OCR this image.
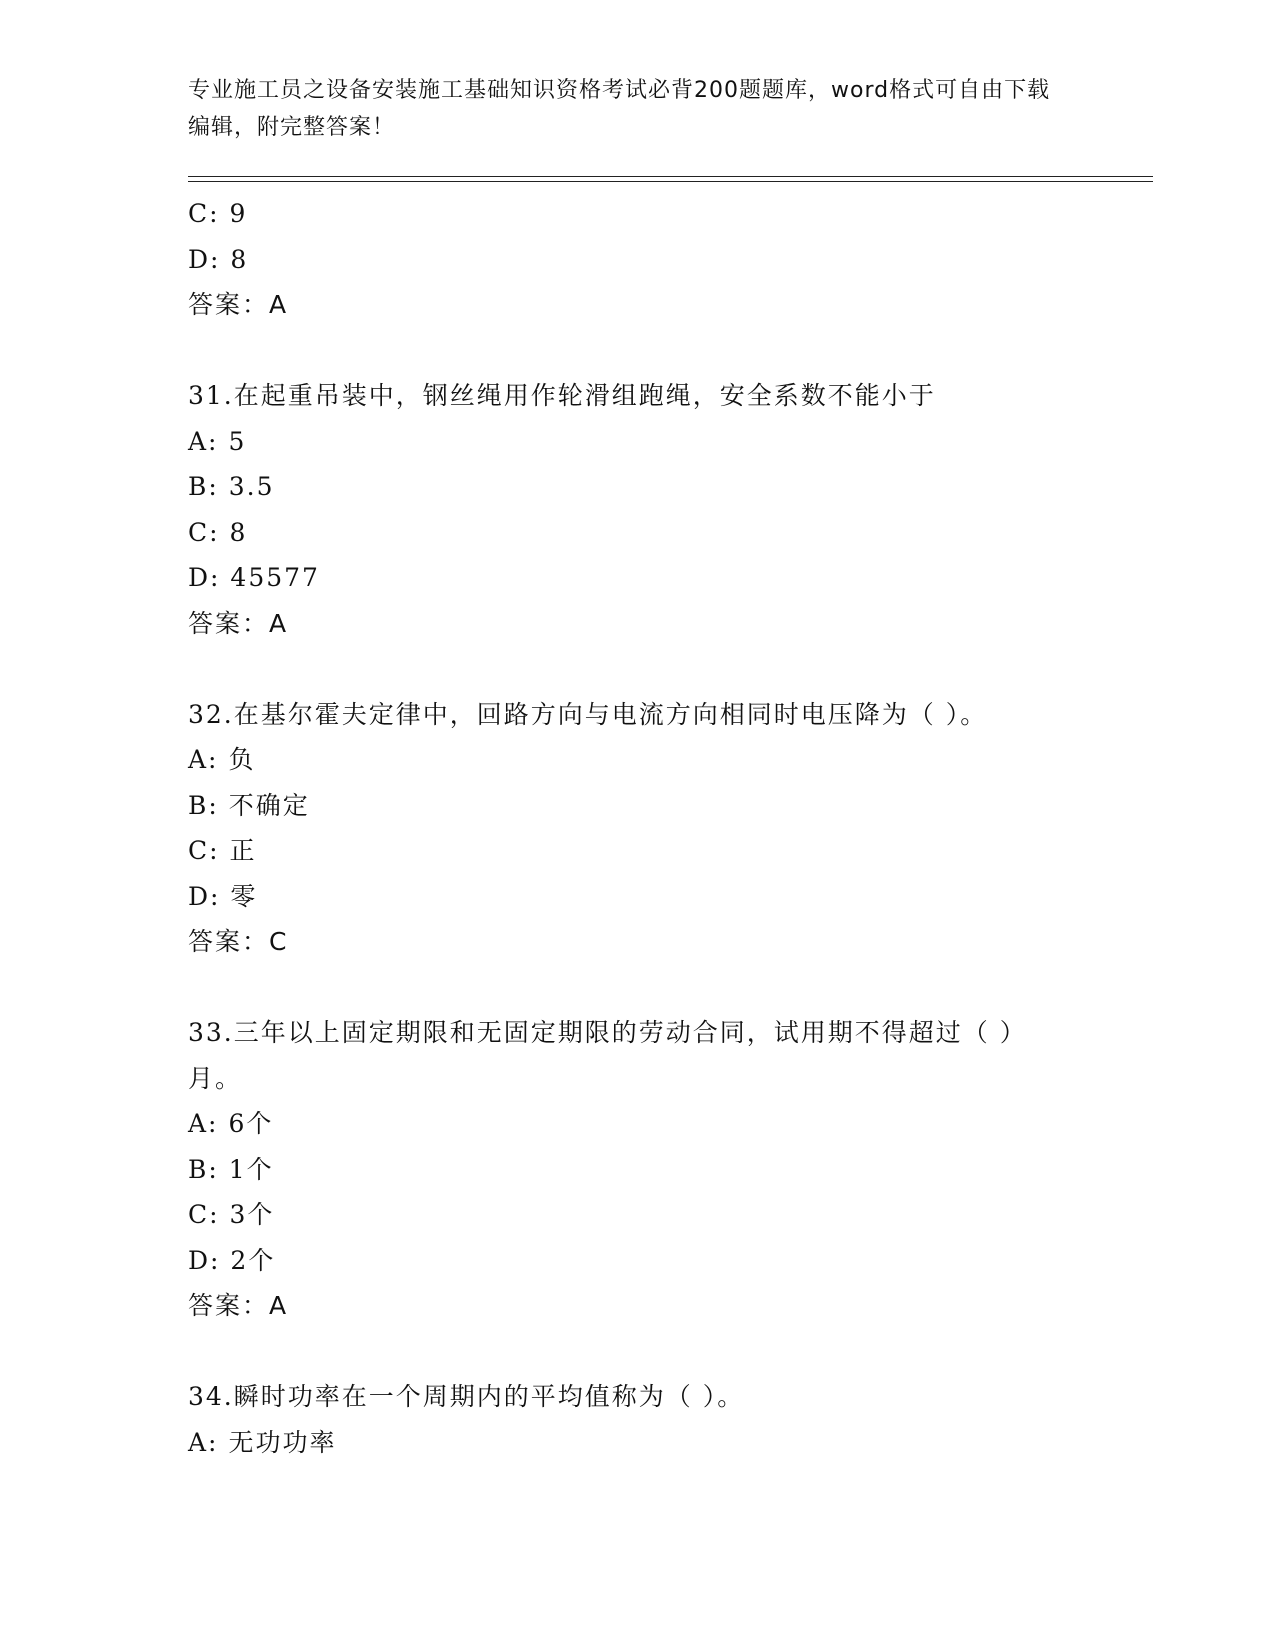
专业施工员之设备安装施工基础知识资格考试必背200题题库，word格式可自由下载编辑，附完整答案！
C: 9
D: 8
答案：A
31.在起重吊装中，钢丝绳用作轮滑组跑绳，安全系数不能小于
A: 5
B: 3.5
C: 8
D: 45577
答案：A
32.在基尔霍夫定律中，回路方向与电流方向相同时电压降为（ ）。
A: 负
B: 不确定
C: 正
D: 零
答案：C
33.三年以上固定期限和无固定期限的劳动合同，试用期不得超过（ ）月。
A: 6个
B: 1个
C: 3个
D: 2个
答案：A
34.瞬时功率在一个周期内的平均值称为（ ）。
A: 无功功率
